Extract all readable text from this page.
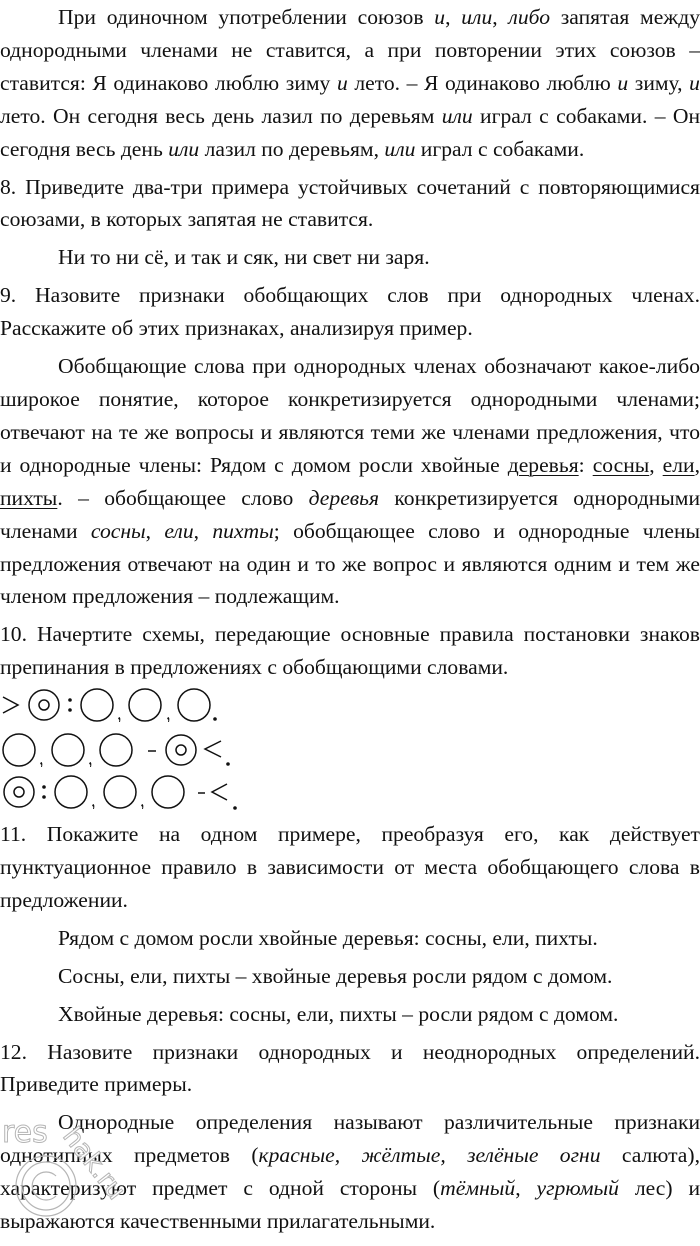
При одиночном употреблении союзов и, или, либо запятая между однородными членами не ставится, а при повторении этих союзов – ставится: Я одинаково люблю зиму и лето. – Я одинаково люблю и зиму, и лето. Он сегодня весь день лазил по деревьям или играл с собаками. – Он сегодня весь день или лазил по деревьям, или играл с собаками.

8. Приведите два-три примера устойчивых сочетаний с повторяющимися союзами, в которых запятая не ставится.

Ни то ни сё, и так и сяк, ни свет ни заря.

9. Назовите признаки обобщающих слов при однородных членах. Расскажите об этих признаках, анализируя пример.

Обобщающие слова при однородных членах обозначают какое-либо широкое понятие, которое конкретизируется однородными членами; отвечают на те же вопросы и являются теми же членами предложения, что и однородные члены: Рядом с домом росли хвойные деревья: сосны, ели, пихты. – обобщающее слово деревья конкретизируется однородными членами сосны, ели, пихты; обобщающее слово и однородные члены предложения отвечают на один и то же вопрос и являются одним и тем же членом предложения – подлежащим.

10. Начертите схемы, передающие основные правила постановки знаков препинания в предложениях с обобщающими словами.

11. Покажите на одном примере, преобразуя его, как действует пунктуационное правило в зависимости от места обобщающего слова в предложении.

Рядом с домом росли хвойные деревья: сосны, ели, пихты.

Сосны, ели, пихты – хвойные деревья росли рядом с домом.

Хвойные деревья: сосны, ели, пихты – росли рядом с домом.

12. Назовите признаки однородных и неоднородных определений. Приведите примеры.

Однородные определения называют различительные признаки однотипных предметов (красные, жёлтые, зелёные огни салюта), характеризуют предмет с одной стороны (тёмный, угрюмый лес) и выражаются качественными прилагательными.

res hak.ru
